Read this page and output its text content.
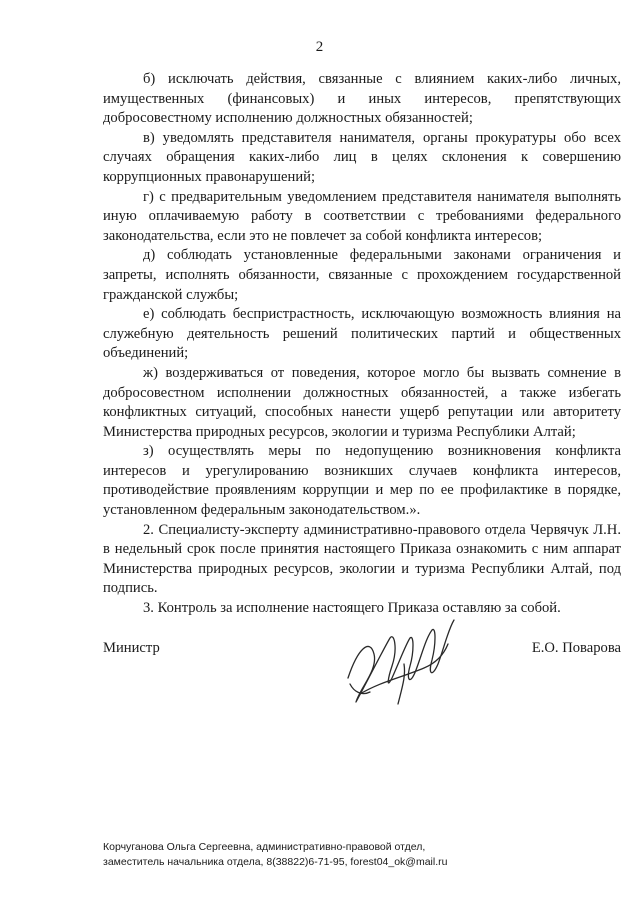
2

б) исключать действия, связанные с влиянием каких-либо личных, имущественных (финансовых) и иных интересов, препятствующих добросовестному исполнению должностных обязанностей;

в) уведомлять представителя нанимателя, органы прокуратуры обо всех случаях обращения каких-либо лиц в целях склонения к совершению коррупционных правонарушений;

г) с предварительным уведомлением представителя нанимателя выполнять иную оплачиваемую работу в соответствии с требованиями федерального законодательства, если это не повлечет за собой конфликта интересов;

д) соблюдать установленные федеральными законами ограничения и запреты, исполнять обязанности, связанные с прохождением государственной гражданской службы;

е) соблюдать беспристрастность, исключающую возможность влияния на служебную деятельность решений политических партий и общественных объединений;

ж) воздерживаться от поведения, которое могло бы вызвать сомнение в добросовестном исполнении должностных обязанностей, а также избегать конфликтных ситуаций, способных нанести ущерб репутации или авторитету Министерства природных ресурсов, экологии и туризма Республики Алтай;

з) осуществлять меры по недопущению возникновения конфликта интересов и урегулированию возникших случаев конфликта интересов, противодействие проявлениям коррупции и мер по ее профилактике в порядке, установленном федеральным законодательством.».

2. Специалисту-эксперту административно-правового отдела Червячук Л.Н. в недельный срок после принятия настоящего Приказа ознакомить с ним аппарат Министерства природных ресурсов, экологии и туризма Республики Алтай, под подпись.

3. Контроль за исполнение настоящего Приказа оставляю за собой.

Министр	Е.О. Поварова
Корчуганова Ольга Сергеевна, административно-правовой отдел,
заместитель начальника отдела, 8(38822)6-71-95, forest04_ok@mail.ru
